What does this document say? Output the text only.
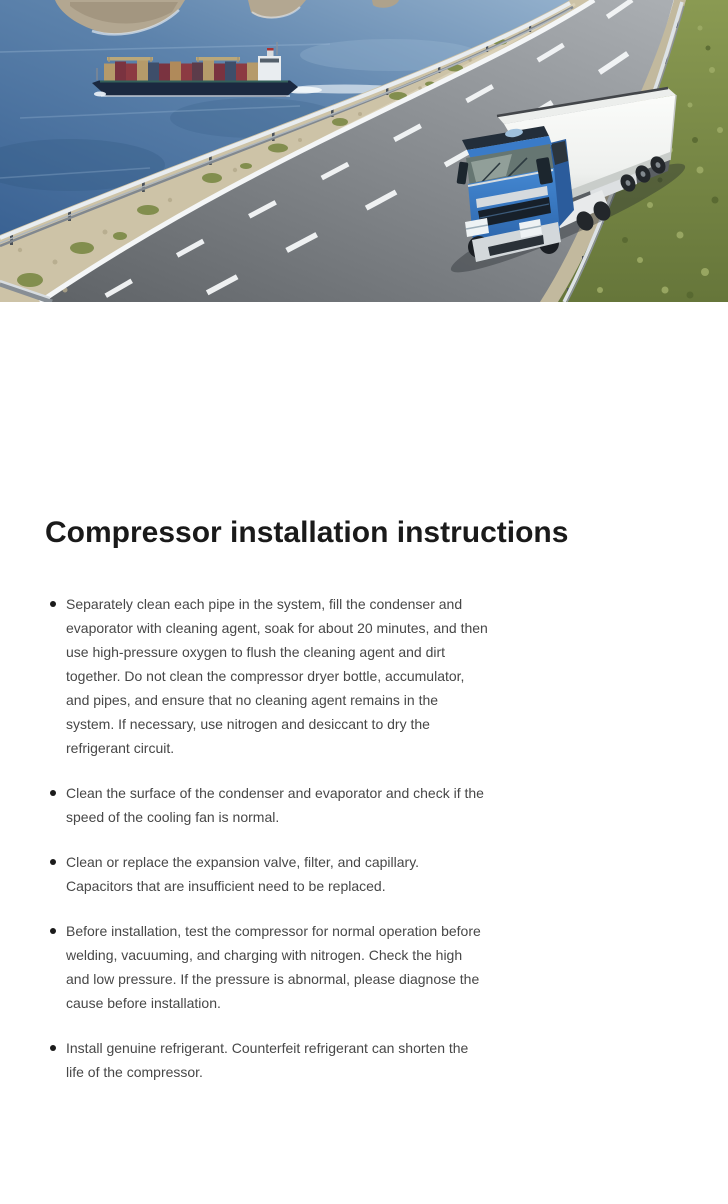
Compressor installation instructions
Separately clean each pipe in the system, fill the condenser and evaporator with cleaning agent, soak for about 20 minutes, and then use high-pressure oxygen to flush the cleaning agent and dirt together. Do not clean the compressor dryer bottle, accumulator, and pipes, and ensure that no cleaning agent remains in the system. If necessary, use nitrogen and desiccant to dry the refrigerant circuit.
Clean the surface of the condenser and evaporator and check if the speed of the cooling fan is normal.
Clean or replace the expansion valve, filter, and capillary. Capacitors that are insufficient need to be replaced.
Before installation, test the compressor for normal operation before welding, vacuuming, and charging with nitrogen. Check the high and low pressure. If the pressure is abnormal, please diagnose the cause before installation.
Install genuine refrigerant. Counterfeit refrigerant can shorten the life of the compressor.
